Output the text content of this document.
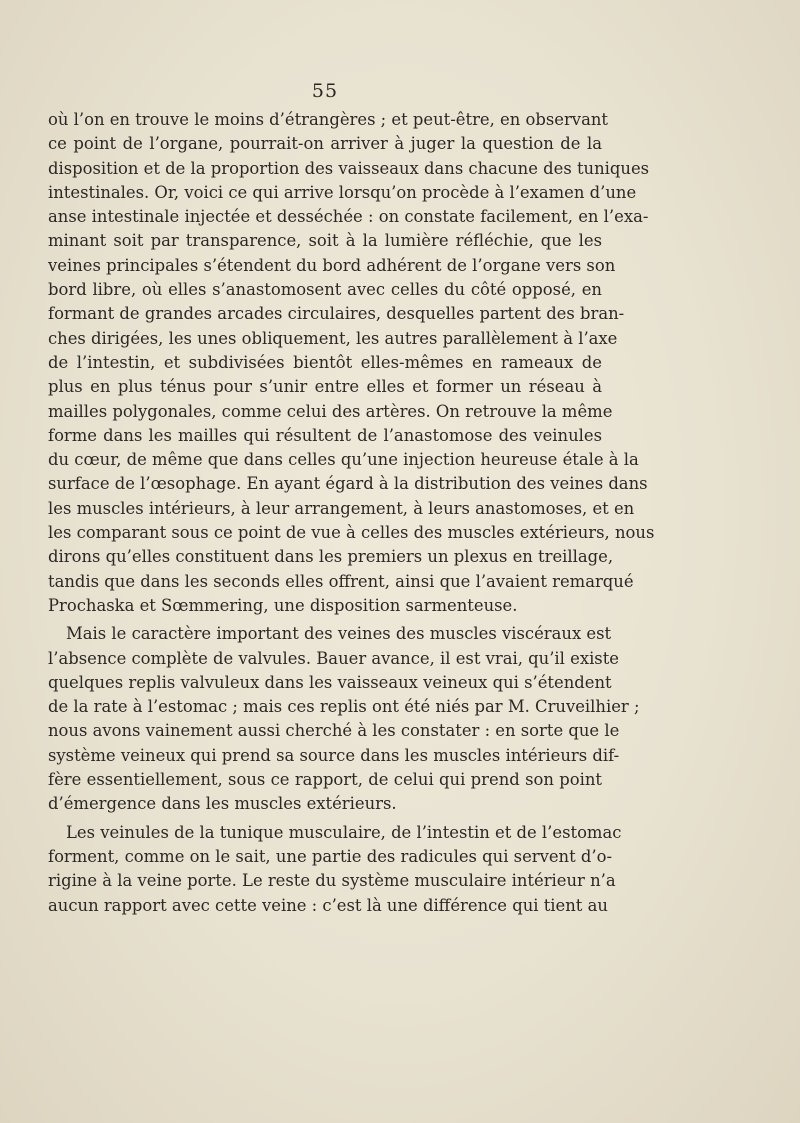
55
où l’on en trouve le moins d’étrangères ; et peut-être, en observant
ce point de l’organe, pourrait-on arriver à juger la question de la
disposition et de la proportion des vaisseaux dans chacune des tuniques
intestinales. Or, voici ce qui arrive lorsqu’on procède à l’examen d’une
anse intestinale injectée et desséchée : on constate facilement, en l’exa-
minant soit par transparence, soit à la lumière réfléchie, que les
veines principales s’étendent du bord adhérent de l’organe vers son
bord libre, où elles s’anastomosent avec celles du côté opposé, en
formant de grandes arcades circulaires, desquelles partent des bran-
ches dirigées, les unes obliquement, les autres parallèlement à l’axe
de l’intestin, et subdivisées bientôt elles-mêmes en rameaux de
plus en plus ténus pour s’unir entre elles et former un réseau à
mailles polygonales, comme celui des artères. On retrouve la même
forme dans les mailles qui résultent de l’anastomose des veinules
du cœur, de même que dans celles qu’une injection heureuse étale à la
surface de l’œsophage. En ayant égard à la distribution des veines dans
les muscles intérieurs, à leur arrangement, à leurs anastomoses, et en
les comparant sous ce point de vue à celles des muscles extérieurs, nous
dirons qu’elles constituent dans les premiers un plexus en treillage,
tandis que dans les seconds elles offrent, ainsi que l’avaient remarqué
Prochaska et Sœmmering, une disposition sarmenteuse.
Mais le caractère important des veines des muscles viscéraux est
l’absence complète de valvules. Bauer avance, il est vrai, qu’il existe
quelques replis valvuleux dans les vaisseaux veineux qui s’étendent
de la rate à l’estomac ; mais ces replis ont été niés par M. Cruveilhier ;
nous avons vainement aussi cherché à les constater : en sorte que le
système veineux qui prend sa source dans les muscles intérieurs dif-
fère essentiellement, sous ce rapport, de celui qui prend son point
d’émergence dans les muscles extérieurs.
Les veinules de la tunique musculaire, de l’intestin et de l’estomac
forment, comme on le sait, une partie des radicules qui servent d’o-
rigine à la veine porte. Le reste du système musculaire intérieur n’a
aucun rapport avec cette veine : c’est là une différence qui tient au
